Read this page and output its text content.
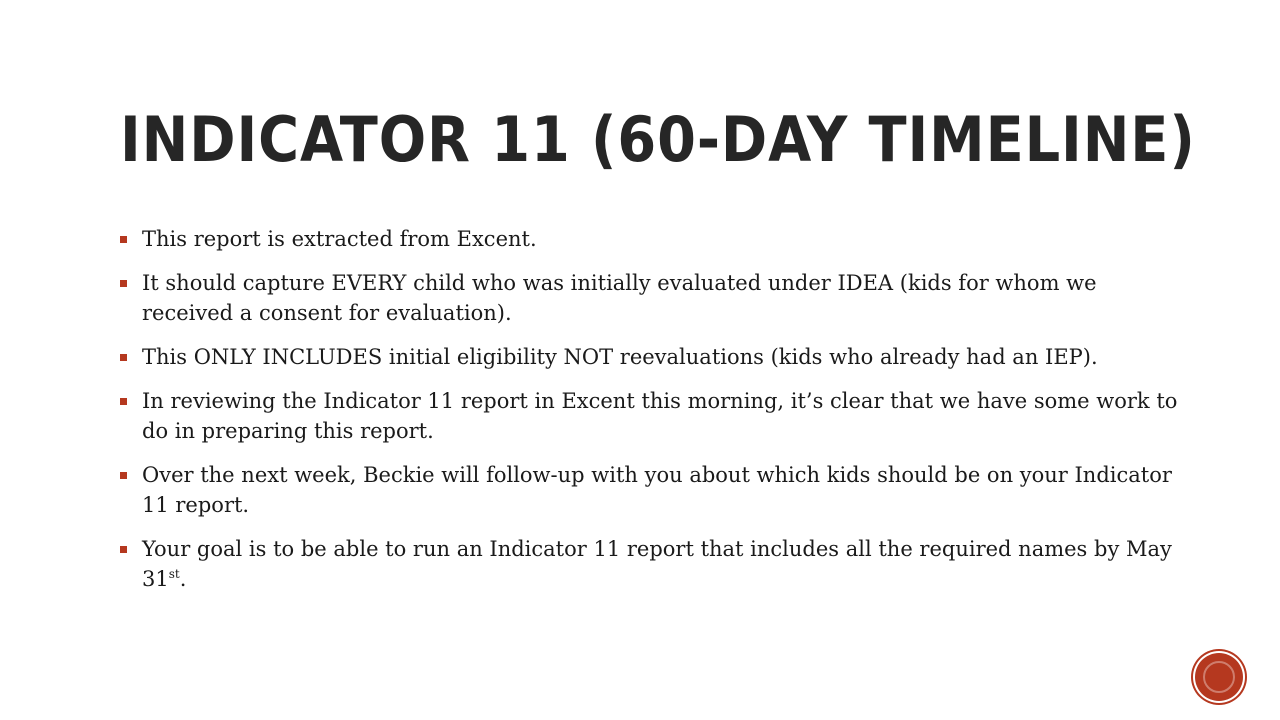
INDICATOR 11 (60-DAY TIMELINE)
This report is extracted from Excent.
It should capture EVERY child who was initially evaluated under IDEA (kids for whom we received a consent for evaluation).
This ONLY INCLUDES initial eligibility NOT reevaluations (kids who already had an IEP).
In reviewing the Indicator 11 report in Excent this morning, it’s clear that we have some work to do in preparing this report.
Over the next week, Beckie will follow-up with you about which kids should be on your Indicator 11 report.
Your goal is to be able to run an Indicator 11 report that includes all the required names by May 31st.
